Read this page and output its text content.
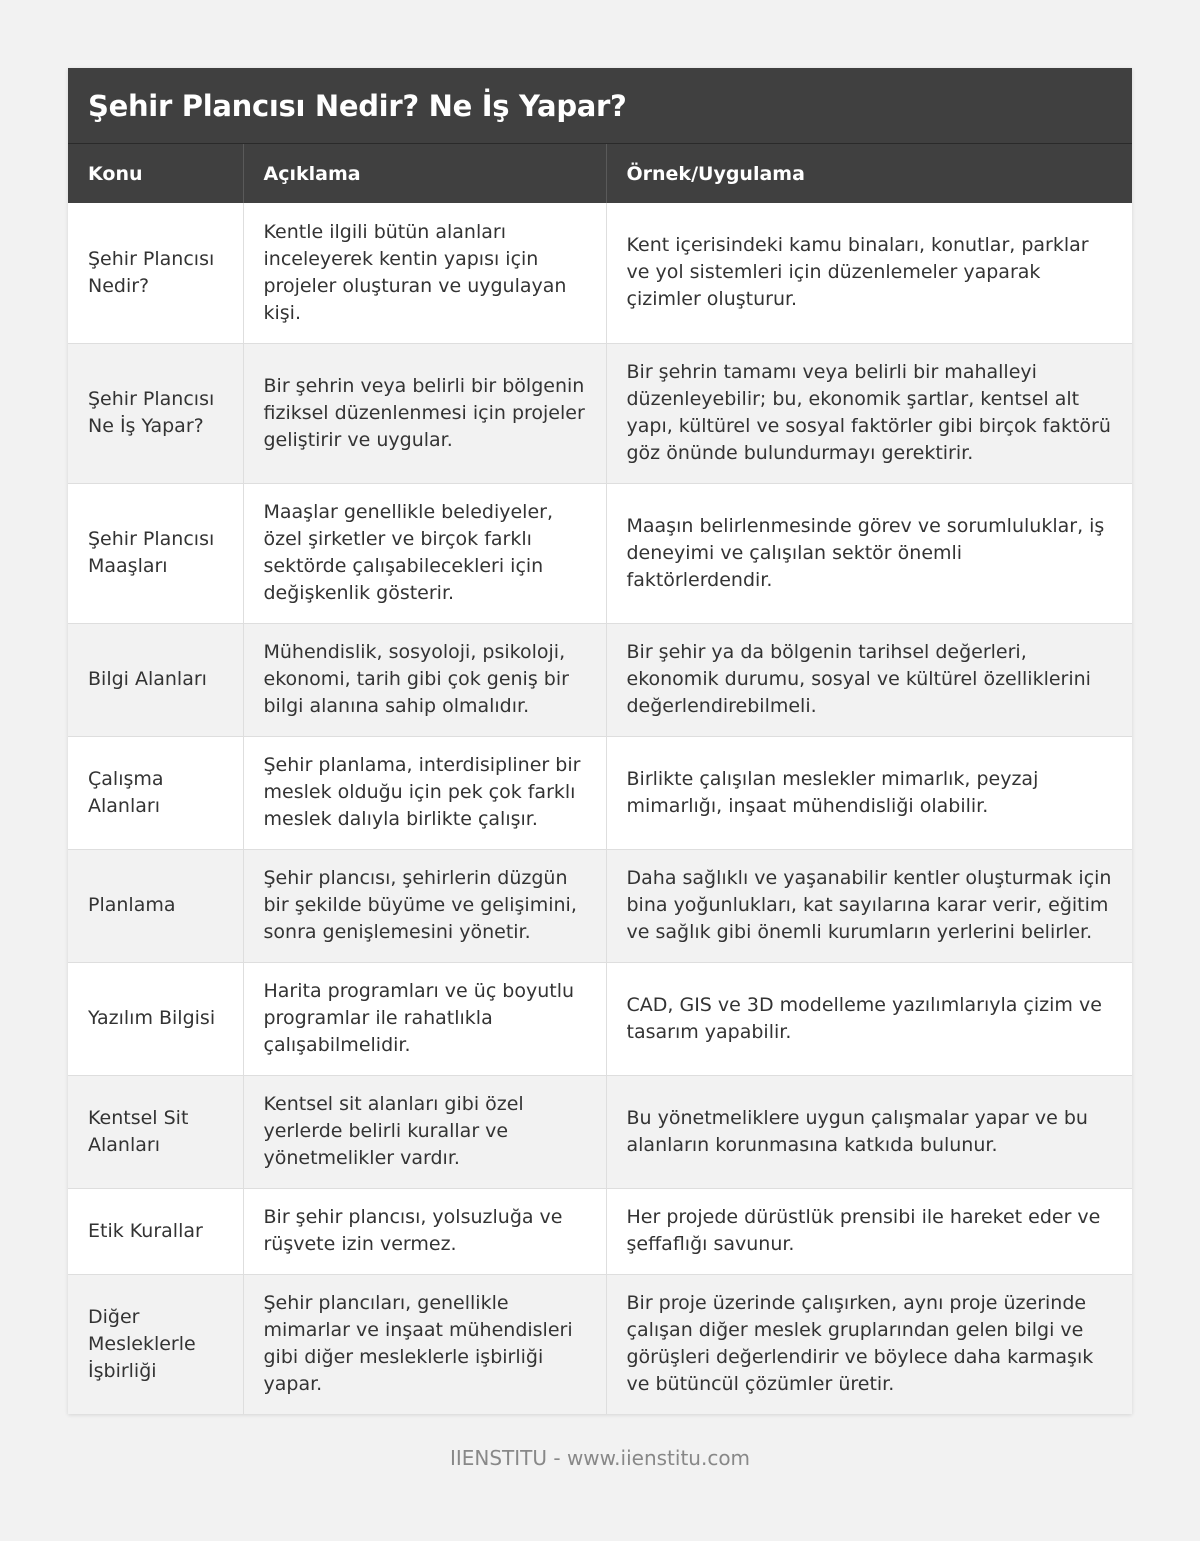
Şehir Plancısı Nedir? Ne İş Yapar?
Konu	Açıklama	Örnek/Uygulama
Şehir Plancısı Nedir?	Kentle ilgili bütün alanları inceleyerek kentin yapısı için projeler oluşturan ve uygulayan kişi.	Kent içerisindeki kamu binaları, konutlar, parklar ve yol sistemleri için düzenlemeler yaparak çizimler oluşturur.
Şehir Plancısı Ne İş Yapar?	Bir şehrin veya belirli bir bölgenin fiziksel düzenlenmesi için projeler geliştirir ve uygular.	Bir şehrin tamamı veya belirli bir mahalleyi düzenleyebilir; bu, ekonomik şartlar, kentsel alt yapı, kültürel ve sosyal faktörler gibi birçok faktörü göz önünde bulundurmayı gerektirir.
Şehir Plancısı Maaşları	Maaşlar genellikle belediyeler, özel şirketler ve birçok farklı sektörde çalışabilecekleri için değişkenlik gösterir.	Maaşın belirlenmesinde görev ve sorumluluklar, iş deneyimi ve çalışılan sektör önemli faktörlerdendir.
Bilgi Alanları	Mühendislik, sosyoloji, psikoloji, ekonomi, tarih gibi çok geniş bir bilgi alanına sahip olmalıdır.	Bir şehir ya da bölgenin tarihsel değerleri, ekonomik durumu, sosyal ve kültürel özelliklerini değerlendirebilmeli.
Çalışma Alanları	Şehir planlama, interdisipliner bir meslek olduğu için pek çok farklı meslek dalıyla birlikte çalışır.	Birlikte çalışılan meslekler mimarlık, peyzaj mimarlığı, inşaat mühendisliği olabilir.
Planlama	Şehir plancısı, şehirlerin düzgün bir şekilde büyüme ve gelişimini, sonra genişlemesini yönetir.	Daha sağlıklı ve yaşanabilir kentler oluşturmak için bina yoğunlukları, kat sayılarına karar verir, eğitim ve sağlık gibi önemli kurumların yerlerini belirler.
Yazılım Bilgisi	Harita programları ve üç boyutlu programlar ile rahatlıkla çalışabilmelidir.	CAD, GIS ve 3D modelleme yazılımlarıyla çizim ve tasarım yapabilir.
Kentsel Sit Alanları	Kentsel sit alanları gibi özel yerlerde belirli kurallar ve yönetmelikler vardır.	Bu yönetmeliklere uygun çalışmalar yapar ve bu alanların korunmasına katkıda bulunur.
Etik Kurallar	Bir şehir plancısı, yolsuzluğa ve rüşvete izin vermez.	Her projede dürüstlük prensibi ile hareket eder ve şeffaflığı savunur.
Diğer Mesleklerle İşbirliği	Şehir plancıları, genellikle mimarlar ve inşaat mühendisleri gibi diğer mesleklerle işbirliği yapar.	Bir proje üzerinde çalışırken, aynı proje üzerinde çalışan diğer meslek gruplarından gelen bilgi ve görüşleri değerlendirir ve böylece daha karmaşık ve bütüncül çözümler üretir.
IIENSTITU - www.iienstitu.com
